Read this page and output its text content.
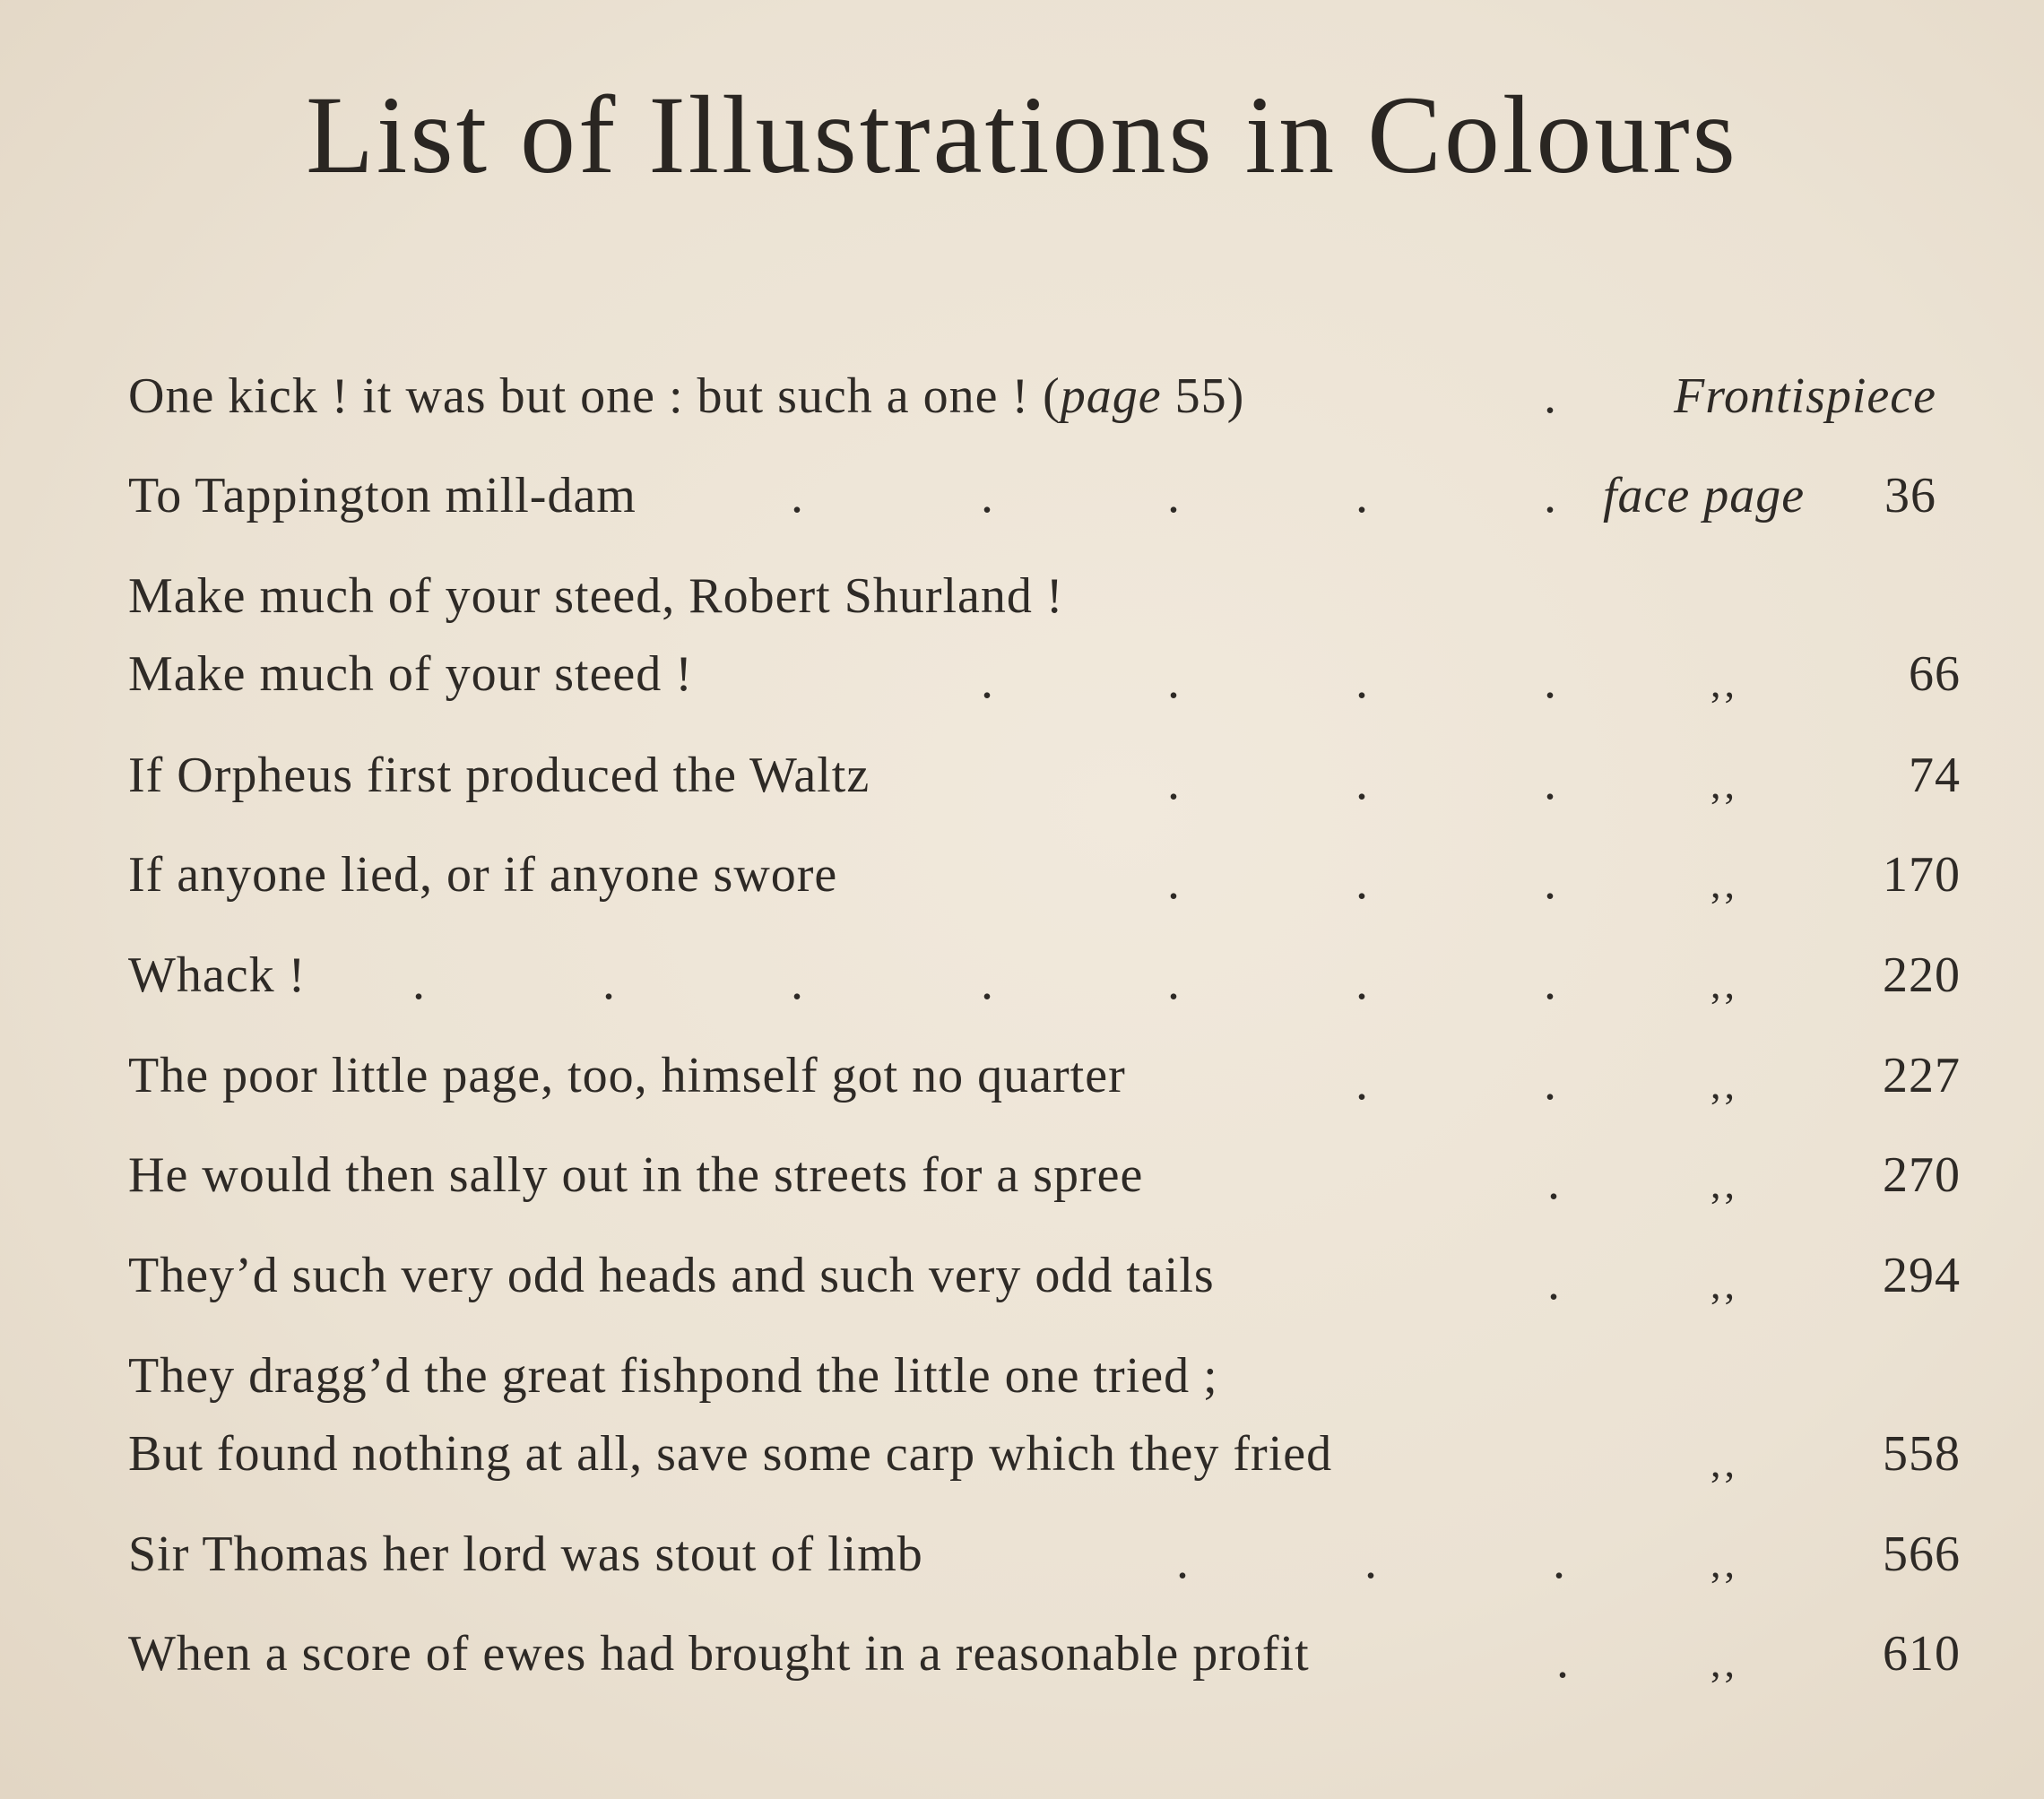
List of Illustrations in Colours
One kick ! it was but one : but such a one ! (page 55)	. Frontispiece
To Tappington mill-dam	.	.	.	.	. face page 36
Make much of your steed, Robert Shurland !
Make much of your steed !	.	.	.	.	,,	66
If Orpheus first produced the Waltz	.	.	.	,,	74
If anyone lied, or if anyone swore	.	.	.	,,	170
Whack ! .	.	.	.	.	.	.	,,	220
The poor little page, too, himself got no quarter	.	.	,,	227
He would then sally out in the streets for a spree	.	,,	270
They’d such very odd heads and such very odd tails	.	,,	294
They dragg’d the great fishpond the little one tried ;
But found nothing at all, save some carp which they fried	,,	558
Sir Thomas her lord was stout of limb	.	.	.	,,	566
When a score of ewes had brought in a reasonable profit	.	,,	610
